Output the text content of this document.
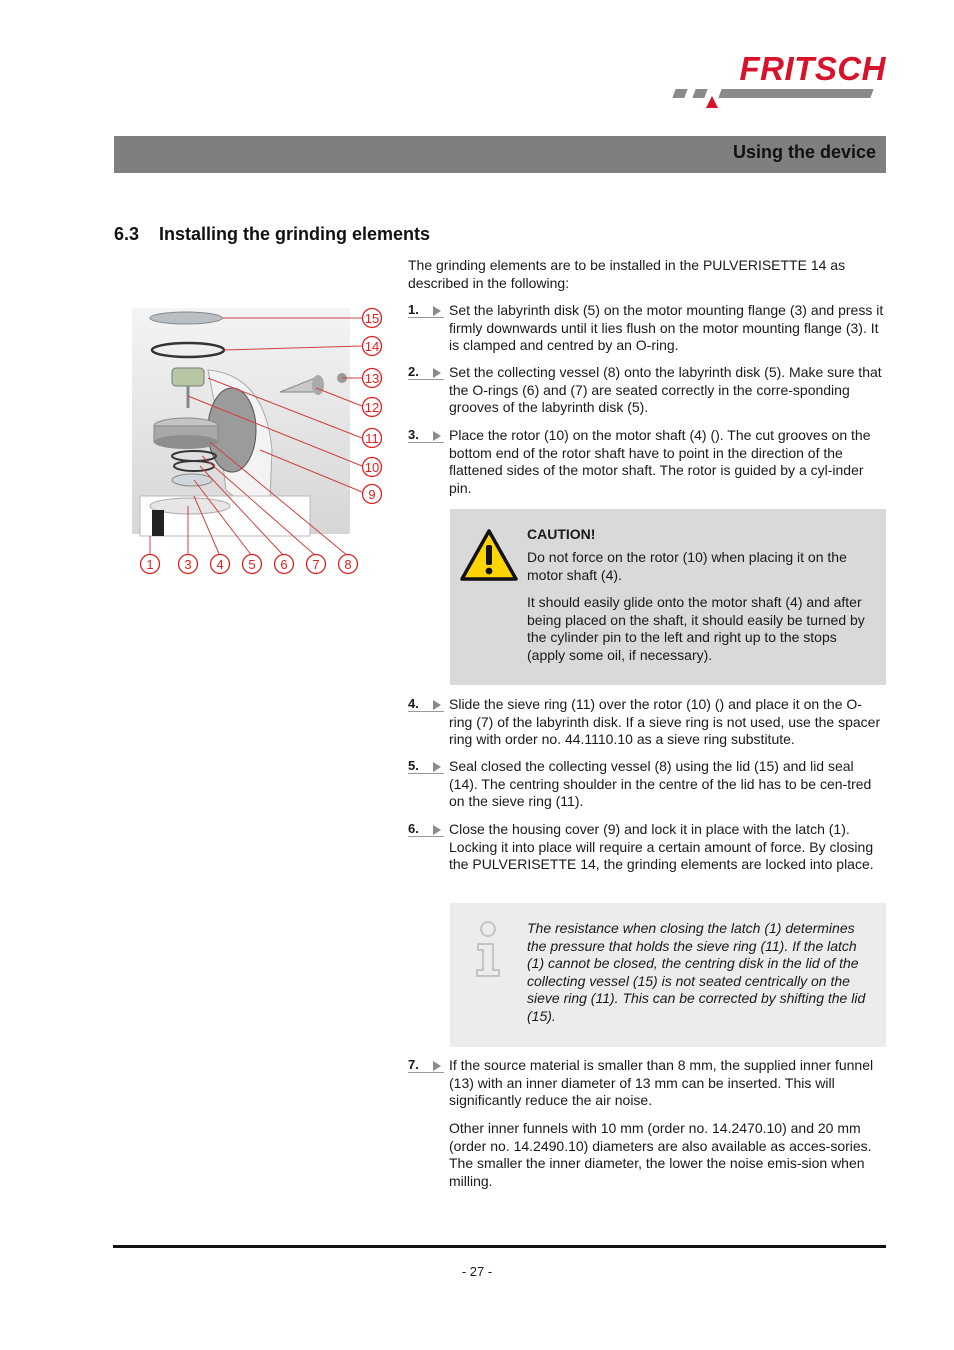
FRITSCH
Using the device
6.3 Installing the grinding elements
The grinding elements are to be installed in the PULVERISETTE 14 as described in the following:
15
14
13
12
11
10
9
1 3 4 5 6 7 8
1.	Set the labyrinth disk (5) on the motor mounting flange (3) and press it firmly downwards until it lies flush on the motor mounting flange (3). It is clamped and centred by an O-ring.
2.	Set the collecting vessel (8) onto the labyrinth disk (5). Make sure that the O-rings (6) and (7) are seated correctly in the corre-sponding grooves of the labyrinth disk (5).
3.	Place the rotor (10) on the motor shaft (4) (). The cut grooves on the bottom end of the rotor shaft have to point in the direction of the flattened sides of the motor shaft. The rotor is guided by a cyl-inder pin.
CAUTION!
Do not force on the rotor (10) when placing it on the motor shaft (4).
It should easily glide onto the motor shaft (4) and after being placed on the shaft, it should easily be turned by the cylinder pin to the left and right up to the stops (apply some oil, if necessary).
4.	Slide the sieve ring (11) over the rotor (10) () and place it on the O-ring (7) of the labyrinth disk. If a sieve ring is not used, use the spacer ring with order no. 44.1110.10 as a sieve ring substitute.
5.	Seal closed the collecting vessel (8) using the lid (15) and lid seal (14). The centring shoulder in the centre of the lid has to be cen-tred on the sieve ring (11).
6.	Close the housing cover (9) and lock it in place with the latch (1). Locking it into place will require a certain amount of force. By closing the PULVERISETTE 14, the grinding elements are locked into place.
The resistance when closing the latch (1) determines the pressure that holds the sieve ring (11). If the latch (1) cannot be closed, the centring disk in the lid of the collecting vessel (15) is not seated centrically on the sieve ring (11). This can be corrected by shifting the lid (15).
7.	If the source material is smaller than 8 mm, the supplied inner funnel (13) with an inner diameter of 13 mm can be inserted. This will significantly reduce the air noise.
Other inner funnels with 10 mm (order no. 14.2470.10) and 20 mm (order no. 14.2490.10) diameters are also available as acces-sories. The smaller the inner diameter, the lower the noise emis-sion when milling.
- 27 -
